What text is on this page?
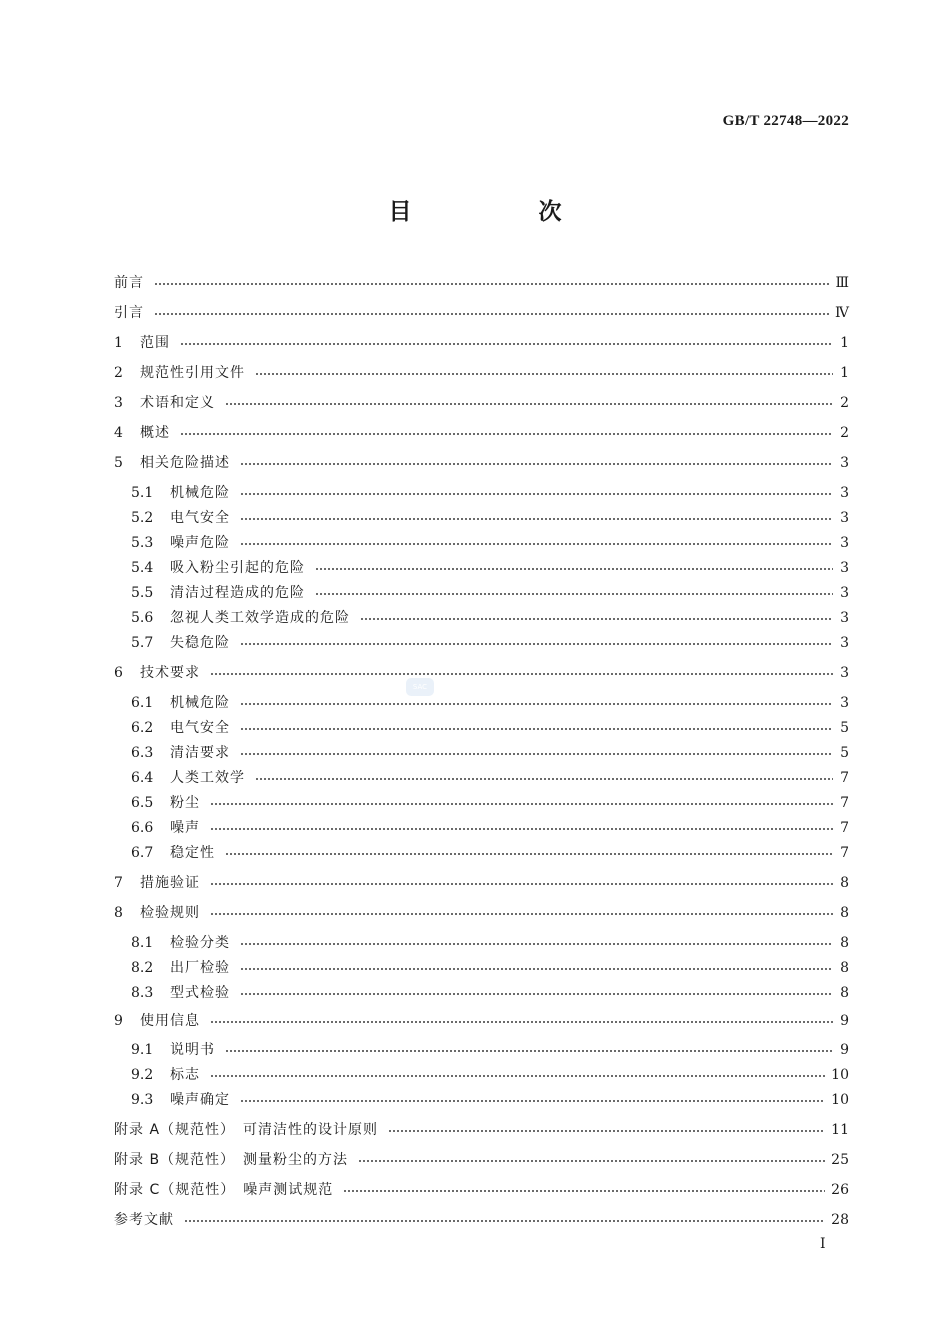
GB/T 22748—2022
目　次
SAC
前言	Ⅲ
引言	Ⅳ
1	范围	1
2	规范性引用文件	1
3	术语和定义	2
4	概述	2
5	相关危险描述	3
5.1	机械危险	3
5.2	电气安全	3
5.3	噪声危险	3
5.4	吸入粉尘引起的危险	3
5.5	清洁过程造成的危险	3
5.6	忽视人类工效学造成的危险	3
5.7	失稳危险	3
6	技术要求	3
6.1	机械危险	3
6.2	电气安全	5
6.3	清洁要求	5
6.4	人类工效学	7
6.5	粉尘	7
6.6	噪声	7
6.7	稳定性	7
7	措施验证	8
8	检验规则	8
8.1	检验分类	8
8.2	出厂检验	8
8.3	型式检验	8
9	使用信息	9
9.1	说明书	9
9.2	标志	10
9.3	噪声确定	10
附录 A（规范性）　可清洁性的设计原则	11
附录 B（规范性）　测量粉尘的方法	25
附录 C（规范性）　噪声测试规范	26
参考文献	28
I
